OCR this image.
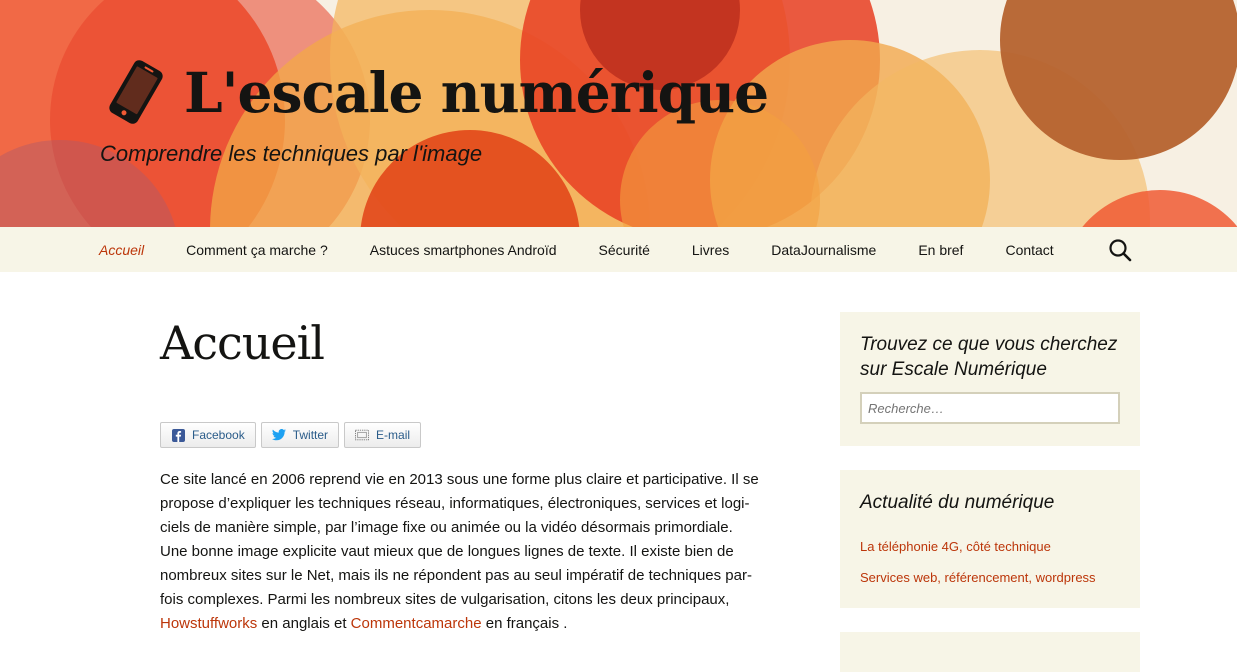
L'escale numérique
Comprendre les techniques par l'image
Accueil	Comment ça marche ?	Astuces smartphones Androïd	Sécurité	Livres	DataJournalisme	En bref	Contact
Accueil
Facebook	Twitter	E-mail

Ce site lancé en 2006 reprend vie en 2013 sous une forme plus claire et participative. Il se propose d’expliquer les techniques réseau, informatiques, électroniques, services et logi-ciels de manière simple, par l’image fixe ou animée ou la vidéo désormais primordiale. Une bonne image explicite vaut mieux que de longues lignes de texte. Il existe bien de nombreux sites sur le Net, mais ils ne répondent pas au seul impératif de techniques par-fois complexes. Parmi les nombreux sites de vulgarisation, citons les deux principaux, Howstuffworks en anglais et Commentcamarche en français .

Trouvez ce que vous cherchez sur Escale Numérique
Recherche…
Actualité du numérique
La téléphonie 4G, côté technique
Services web, référencement, wordpress
